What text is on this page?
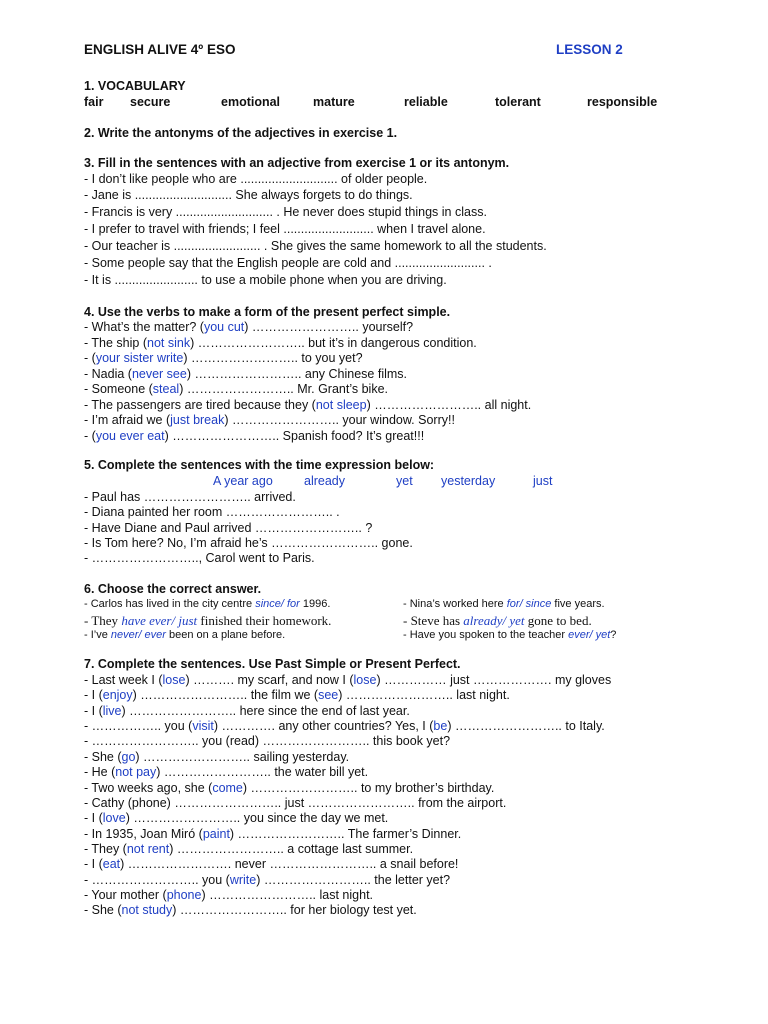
ENGLISH ALIVE 4º ESO	LESSON 2
1. VOCABULARY
fair secure	emotional	mature	reliable	tolerant	responsible
2. Write the antonyms of the adjectives in exercise 1.
3. Fill in the sentences with an adjective from exercise 1 or its antonym.
- I don’t like people who are ............................ of older people.
- Jane is ............................ She always forgets to do things.
- Francis is very ............................ . He never does stupid things in class.
- I prefer to travel with friends; I feel .......................... when I travel alone.
- Our teacher is ......................... . She gives the same homework to all the students.
- Some people say that the English people are cold and .......................... .
- It is ........................ to use a mobile phone when you are driving.
4. Use the verbs to make a form of the present perfect simple.
- What’s the matter? (you cut) …………………….. yourself?
- The ship (not sink) …………………….. but it’s in dangerous condition.
- (your sister write) …………………….. to you yet?
- Nadia (never see) …………………….. any Chinese films.
- Someone (steal) …………………….. Mr. Grant’s bike.
- The passengers are tired because they (not sleep) …………………….. all night.
- I’m afraid we (just break) …………………….. your window. Sorry!!
- (you ever eat) …………………….. Spanish food? It’s great!!!
5. Complete the sentences with the time expression below:
A year ago already	yet yesterday	just
- Paul has …………………….. arrived.
- Diana painted her room …………………….. .
- Have Diane and Paul arrived …………………….. ?
- Is Tom here? No, I’m afraid he’s …………………….. gone.
- …………………….., Carol went to Paris.
6. Choose the correct answer.
- Carlos has lived in the city centre since/ for 1996.
- They have ever/ just finished their homework.
- I’ve never/ ever been on a plane before.
- Nina’s worked here for/ since five years.
- Steve has already/ yet gone to bed.
- Have you spoken to the teacher ever/ yet?
7. Complete the sentences. Use Past Simple or Present Perfect.
- Last week I (lose) ………. my scarf, and now I (lose) …………… just ………………. my gloves
- I (enjoy) …………………….. the film we (see) …………………….. last night.
- I (live) …………………….. here since the end of last year.
- …………….. you (visit) …………. any other countries? Yes, I (be) …………………….. to Italy.
- …………………….. you (read) …………………….. this book yet?
- She (go) …………………….. sailing yesterday.
- He (not pay) …………………….. the water bill yet.
- Two weeks ago, she (come) …………………….. to my brother’s birthday.
- Cathy (phone) …………………….. just …………………….. from the airport.
- I (love) …………………….. you since the day we met.
- In 1935, Joan Miró (paint) …………………….. The farmer’s Dinner.
- They (not rent) …………………….. a cottage last summer.
- I (eat) ……………………. never …………………….. a snail before!
- …………………….. you (write) …………………….. the letter yet?
- Your mother (phone) …………………….. last night.
- She (not study) …………………….. for her biology test yet.
